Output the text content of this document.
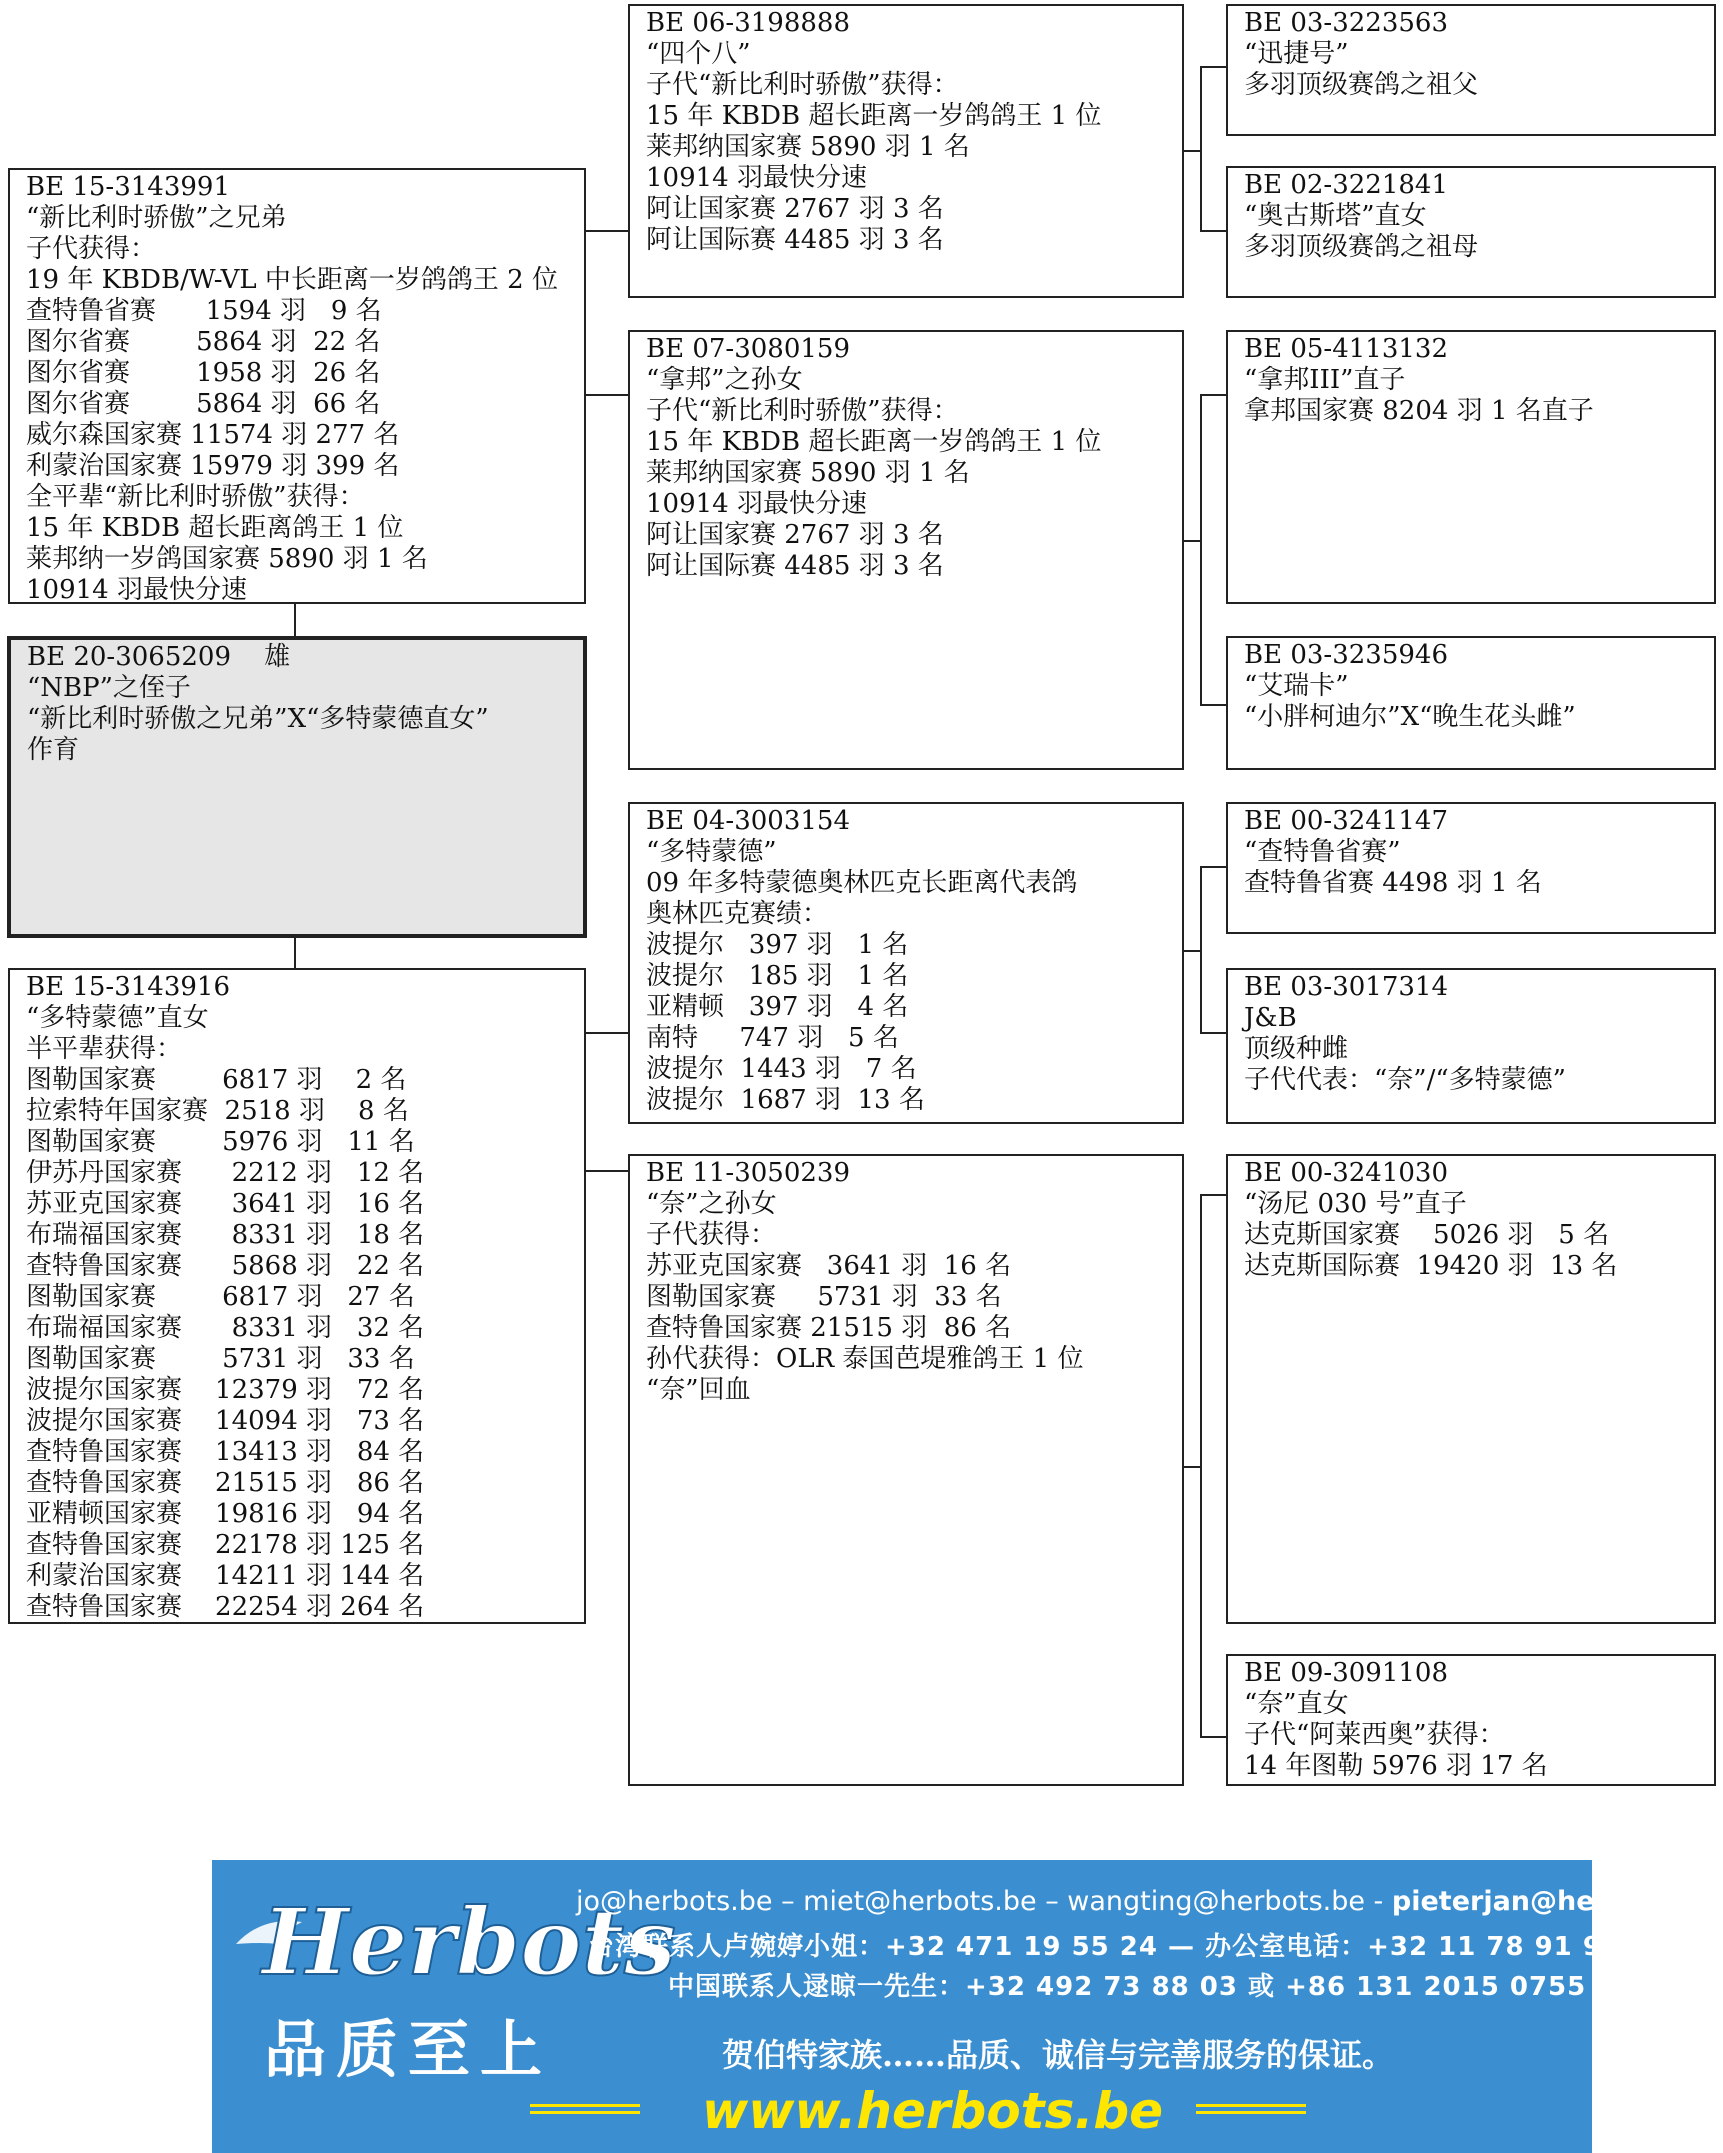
BE 15-3143991
“新比利时骄傲”之兄弟
子代获得：
19 年 KBDB/W-VL 中长距离一岁鸽鸽王 2 位
查特鲁省赛      1594 羽   9 名
图尔省赛        5864 羽  22 名
图尔省赛        1958 羽  26 名
图尔省赛        5864 羽  66 名
威尔森国家赛 11574 羽 277 名
利蒙治国家赛 15979 羽 399 名
全平辈“新比利时骄傲”获得：
15 年 KBDB 超长距离鸽王 1 位
莱邦纳一岁鸽国家赛 5890 羽 1 名
10914 羽最快分速
BE 20-3065209    雄
“NBP”之侄子
“新比利时骄傲之兄弟”X“多特蒙德直女”
作育
BE 15-3143916
“多特蒙德”直女
半平辈获得：
图勒国家赛        6817 羽    2 名
拉索特年国家赛  2518 羽    8 名
图勒国家赛        5976 羽   11 名
伊苏丹国家赛      2212 羽   12 名
苏亚克国家赛      3641 羽   16 名
布瑞福国家赛      8331 羽   18 名
查特鲁国家赛      5868 羽   22 名
图勒国家赛        6817 羽   27 名
布瑞福国家赛      8331 羽   32 名
图勒国家赛        5731 羽   33 名
波提尔国家赛    12379 羽   72 名
波提尔国家赛    14094 羽   73 名
查特鲁国家赛    13413 羽   84 名
查特鲁国家赛    21515 羽   86 名
亚精顿国家赛    19816 羽   94 名
查特鲁国家赛    22178 羽 125 名
利蒙治国家赛    14211 羽 144 名
查特鲁国家赛    22254 羽 264 名
BE 06-3198888
“四个八”
子代“新比利时骄傲”获得：
15 年 KBDB 超长距离一岁鸽鸽王 1 位
莱邦纳国家赛 5890 羽 1 名
10914 羽最快分速
阿让国家赛 2767 羽 3 名
阿让国际赛 4485 羽 3 名
BE 07-3080159
“拿邦”之孙女
子代“新比利时骄傲”获得：
15 年 KBDB 超长距离一岁鸽鸽王 1 位
莱邦纳国家赛 5890 羽 1 名
10914 羽最快分速
阿让国家赛 2767 羽 3 名
阿让国际赛 4485 羽 3 名
BE 04-3003154
“多特蒙德”
09 年多特蒙德奥林匹克长距离代表鸽
奥林匹克赛绩：
波提尔   397 羽   1 名
波提尔   185 羽   1 名
亚精顿   397 羽   4 名
南特     747 羽   5 名
波提尔  1443 羽   7 名
波提尔  1687 羽  13 名
BE 11-3050239
“奈”之孙女
子代获得：
苏亚克国家赛   3641 羽  16 名
图勒国家赛     5731 羽  33 名
查特鲁国家赛 21515 羽  86 名
孙代获得：OLR 泰国芭堤雅鸽王 1 位
“奈”回血
BE 03-3223563
“迅捷号”
多羽顶级赛鸽之祖父
BE 02-3221841
“奥古斯塔”直女
多羽顶级赛鸽之祖母
BE 05-4113132
“拿邦III”直子
拿邦国家赛 8204 羽 1 名直子
BE 03-3235946
“艾瑞卡”
“小胖柯迪尔”X“晚生花头雌”
BE 00-3241147
“查特鲁省赛”
查特鲁省赛 4498 羽 1 名
BE 03-3017314
J&B
顶级种雌
子代代表：“奈”/“多特蒙德”
BE 00-3241030
“汤尼 030 号”直子
达克斯国家赛    5026 羽   5 名
达克斯国际赛  19420 羽  13 名
BE 09-3091108
“奈”直女
子代“阿莱西奥”获得：
14 年图勒 5976 羽 17 名
Herbots
品质至上
jo@herbots.be – miet@herbots.be – wangting@herbots.be - pieterjan@herbots.be
台湾联系人卢婉婷小姐：+32 471 19 55 24 — 办公室电话：+32 11 78 91 90
中国联系人逯晾一先生：+32 492 73 88 03 或 +86 131 2015 0755
贺伯特家族……品质、诚信与完善服务的保证。
www.herbots.be
